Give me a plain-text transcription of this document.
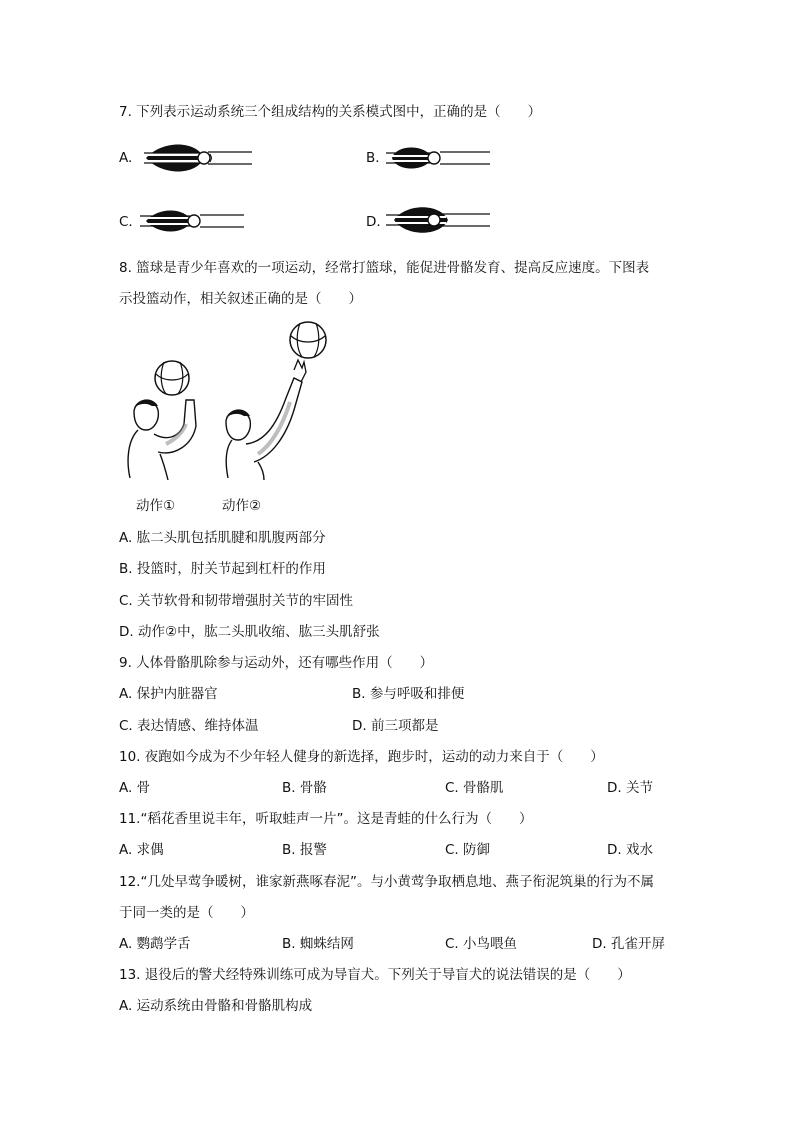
7. 下列表示运动系统三个组成结构的关系模式图中，正确的是（　　）
A.	B.
C.	D.
8. 篮球是青少年喜欢的一项运动，经常打篮球，能促进骨骼发育、提高反应速度。下图表
示投篮动作，相关叙述正确的是（　　）
动作①	动作②
A. 肱二头肌包括肌腱和肌腹两部分
B. 投篮时，肘关节起到杠杆的作用
C. 关节软骨和韧带增强肘关节的牢固性
D. 动作②中，肱二头肌收缩、肱三头肌舒张
9. 人体骨骼肌除参与运动外，还有哪些作用（　　）
A. 保护内脏器官	B. 参与呼吸和排便
C. 表达情感、维持体温	D. 前三项都是
10. 夜跑如今成为不少年轻人健身的新选择，跑步时，运动的动力来自于（　　）
A. 骨	B. 骨骼	C. 骨骼肌	D. 关节
11.“稻花香里说丰年，听取蛙声一片”。这是青蛙的什么行为（　　）
A. 求偶	B. 报警	C. 防御	D. 戏水
12.“几处早莺争暖树，谁家新燕啄春泥”。与小黄莺争取栖息地、燕子衔泥筑巢的行为不属
于同一类的是（　　）
A. 鹦鹉学舌	B. 蜘蛛结网	C. 小鸟喂鱼	D. 孔雀开屏
13. 退役后的警犬经特殊训练可成为导盲犬。下列关于导盲犬的说法错误的是（　　）
A. 运动系统由骨骼和骨骼肌构成
